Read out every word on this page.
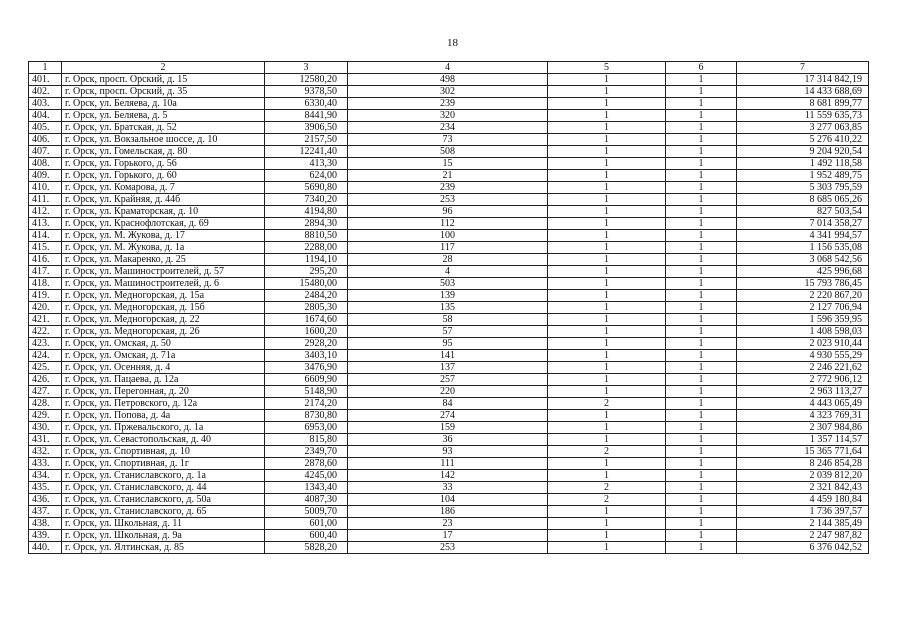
18
1	2	3	4	5	6	7
401.	г. Орск, просп. Орский, д. 15	12580,20	498	1	1	17 314 842,19
402.	г. Орск, просп. Орский, д. 35	9378,50	302	1	1	14 433 688,69
403.	г. Орск, ул. Беляева, д. 10а	6330,40	239	1	1	8 681 899,77
404.	г. Орск, ул. Беляева, д. 5	8441,90	320	1	1	11 559 635,73
405.	г. Орск, ул. Братская, д. 52	3906,50	234	1	1	3 277 063,85
406.	г. Орск, ул. Вокзальное шоссе, д. 10	2157,50	73	1	1	5 276 410,22
407.	г. Орск, ул. Гомельская, д. 80	12241,40	508	1	1	9 204 920,54
408.	г. Орск, ул. Горького, д. 56	413,30	15	1	1	1 492 118,58
409.	г. Орск, ул. Горького, д. 60	624,00	21	1	1	1 952 489,75
410.	г. Орск, ул. Комарова, д. 7	5690,80	239	1	1	5 303 795,59
411.	г. Орск, ул. Крайняя, д. 44б	7340,20	253	1	1	8 685 065,26
412.	г. Орск, ул. Краматорская, д. 10	4194,80	96	1	1	827 503,54
413.	г. Орск, ул. Краснофлотская, д. 69	2894,30	112	1	1	7 014 358,27
414.	г. Орск, ул. М. Жукова, д. 17	8810,50	100	1	1	4 341 994,57
415.	г. Орск, ул. М. Жукова, д. 1а	2288,00	117	1	1	1 156 535,08
416.	г. Орск, ул. Макаренко, д. 25	1194,10	28	1	1	3 068 542,56
417.	г. Орск, ул. Машиностроителей, д. 57	295,20	4	1	1	425 996,68
418.	г. Орск, ул. Машиностроителей, д. 6	15480,00	503	1	1	15 793 786,45
419.	г. Орск, ул. Медногорская, д. 15а	2484,20	139	1	1	2 220 867,20
420.	г. Орск, ул. Медногорская, д. 15б	2805,30	135	1	1	2 127 706,94
421.	г. Орск, ул. Медногорская, д. 22	1674,60	58	1	1	1 596 359,95
422.	г. Орск, ул. Медногорская, д. 26	1600,20	57	1	1	1 408 598,03
423.	г. Орск, ул. Омская, д. 50	2928,20	95	1	1	2 023 910,44
424.	г. Орск, ул. Омская, д. 71а	3403,10	141	1	1	4 930 555,29
425.	г. Орск, ул. Осенняя, д. 4	3476,90	137	1	1	2 246 221,62
426.	г. Орск, ул. Пацаева, д. 12а	6609,90	257	1	1	2 772 906,12
427.	г. Орск, ул. Перегонная, д. 20	5148,90	220	1	1	2 963 113,27
428.	г. Орск, ул. Петровского, д. 12а	2174,20	84	2	1	4 443 065,49
429.	г. Орск, ул. Попова, д. 4а	8730,80	274	1	1	4 323 769,31
430.	г. Орск, ул. Пржевальского, д. 1а	6953,00	159	1	1	2 307 984,86
431.	г. Орск, ул. Севастопольская, д. 40	815,80	36	1	1	1 357 114,57
432.	г. Орск, ул. Спортивная, д. 10	2349,70	93	2	1	15 365 771,64
433.	г. Орск, ул. Спортивная, д. 1г	2878,60	111	1	1	8 246 854,28
434.	г. Орск, ул. Станиславского, д. 1а	4245,00	142	1	1	2 039 812,20
435.	г. Орск, ул. Станиславского, д. 44	1343,40	33	2	1	2 321 842,43
436.	г. Орск, ул. Станиславского, д. 50а	4087,30	104	2	1	4 459 180,84
437.	г. Орск, ул. Станиславского, д. 65	5009,70	186	1	1	1 736 397,57
438.	г. Орск, ул. Школьная, д. 11	601,00	23	1	1	2 144 385,49
439.	г. Орск, ул. Школьная, д. 9а	600,40	17	1	1	2 247 987,82
440.	г. Орск, ул. Ялтинская, д. 85	5828,20	253	1	1	6 376 042,52
